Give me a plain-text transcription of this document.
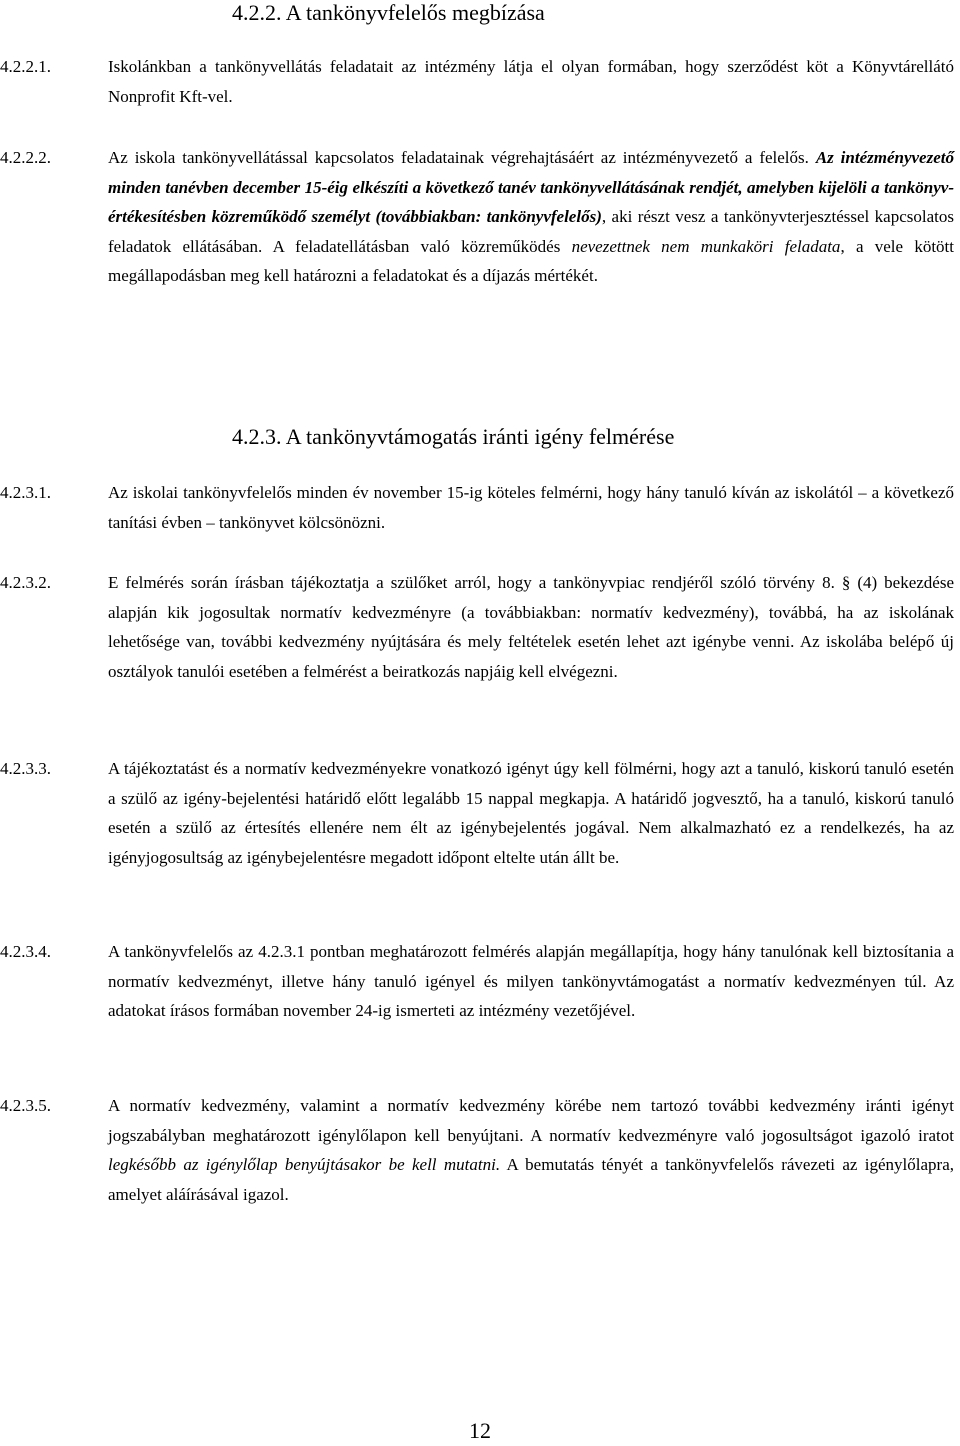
4.2.2. A tankönyvfelelős megbízása
4.2.2.1.	Iskolánkban a tankönyvellátás feladatait az intézmény látja el olyan formában, hogy szerződést köt a Könyvtárellátó Nonprofit Kft-vel.
4.2.2.2.	Az iskola tankönyvellátással kapcsolatos feladatainak végrehajtásáért az intézményvezető a felelős. Az intézményvezető minden tanévben december 15-éig elkészíti a következő tanév tankönyvellátásának rendjét, amelyben kijelöli a tankönyv-értékesítésben közreműködő személyt (továbbiakban: tankönyvfelelős), aki részt vesz a tankönyvterjesztéssel kapcsolatos feladatok ellátásában. A feladatellátásban való közreműködés nevezettnek nem munkaköri feladata, a vele kötött megállapodásban meg kell határozni a feladatokat és a díjazás mértékét.
4.2.3. A tankönyvtámogatás iránti igény felmérése
4.2.3.1.	Az iskolai tankönyvfelelős minden év november 15-ig köteles felmérni, hogy hány tanuló kíván az iskolától – a következő tanítási évben – tankönyvet kölcsönözni.
4.2.3.2.	E felmérés során írásban tájékoztatja a szülőket arról, hogy a tankönyvpiac rendjéről szóló törvény 8. § (4) bekezdése alapján kik jogosultak normatív kedvezményre (a továbbiakban: normatív kedvezmény), továbbá, ha az iskolának lehetősége van, további kedvezmény nyújtására és mely feltételek esetén lehet azt igénybe venni. Az iskolába belépő új osztályok tanulói esetében a felmérést a beiratkozás napjáig kell elvégezni.
4.2.3.3.	A tájékoztatást és a normatív kedvezményekre vonatkozó igényt úgy kell fölmérni, hogy azt a tanuló, kiskorú tanuló esetén a szülő az igény-bejelentési határidő előtt legalább 15 nappal megkapja. A határidő jogvesztő, ha a tanuló, kiskorú tanuló esetén a szülő az értesítés ellenére nem élt az igénybejelentés jogával. Nem alkalmazható ez a rendelkezés, ha az igényjogosultság az igénybejelentésre megadott időpont eltelte után állt be.
4.2.3.4.	A tankönyvfelelős az 4.2.3.1 pontban meghatározott felmérés alapján megállapítja, hogy hány tanulónak kell biztosítania a normatív kedvezményt, illetve hány tanuló igényel és milyen tankönyvtámogatást a normatív kedvezményen túl. Az adatokat írásos formában november 24-ig ismerteti az intézmény vezetőjével.
4.2.3.5.	A normatív kedvezmény, valamint a normatív kedvezmény körébe nem tartozó további kedvezmény iránti igényt jogszabályban meghatározott igénylőlapon kell benyújtani. A normatív kedvezményre való jogosultságot igazoló iratot legkésőbb az igénylőlap benyújtásakor be kell mutatni. A bemutatás tényét a tankönyvfelelős rávezeti az igénylőlapra, amelyet aláírásával igazol.
12
